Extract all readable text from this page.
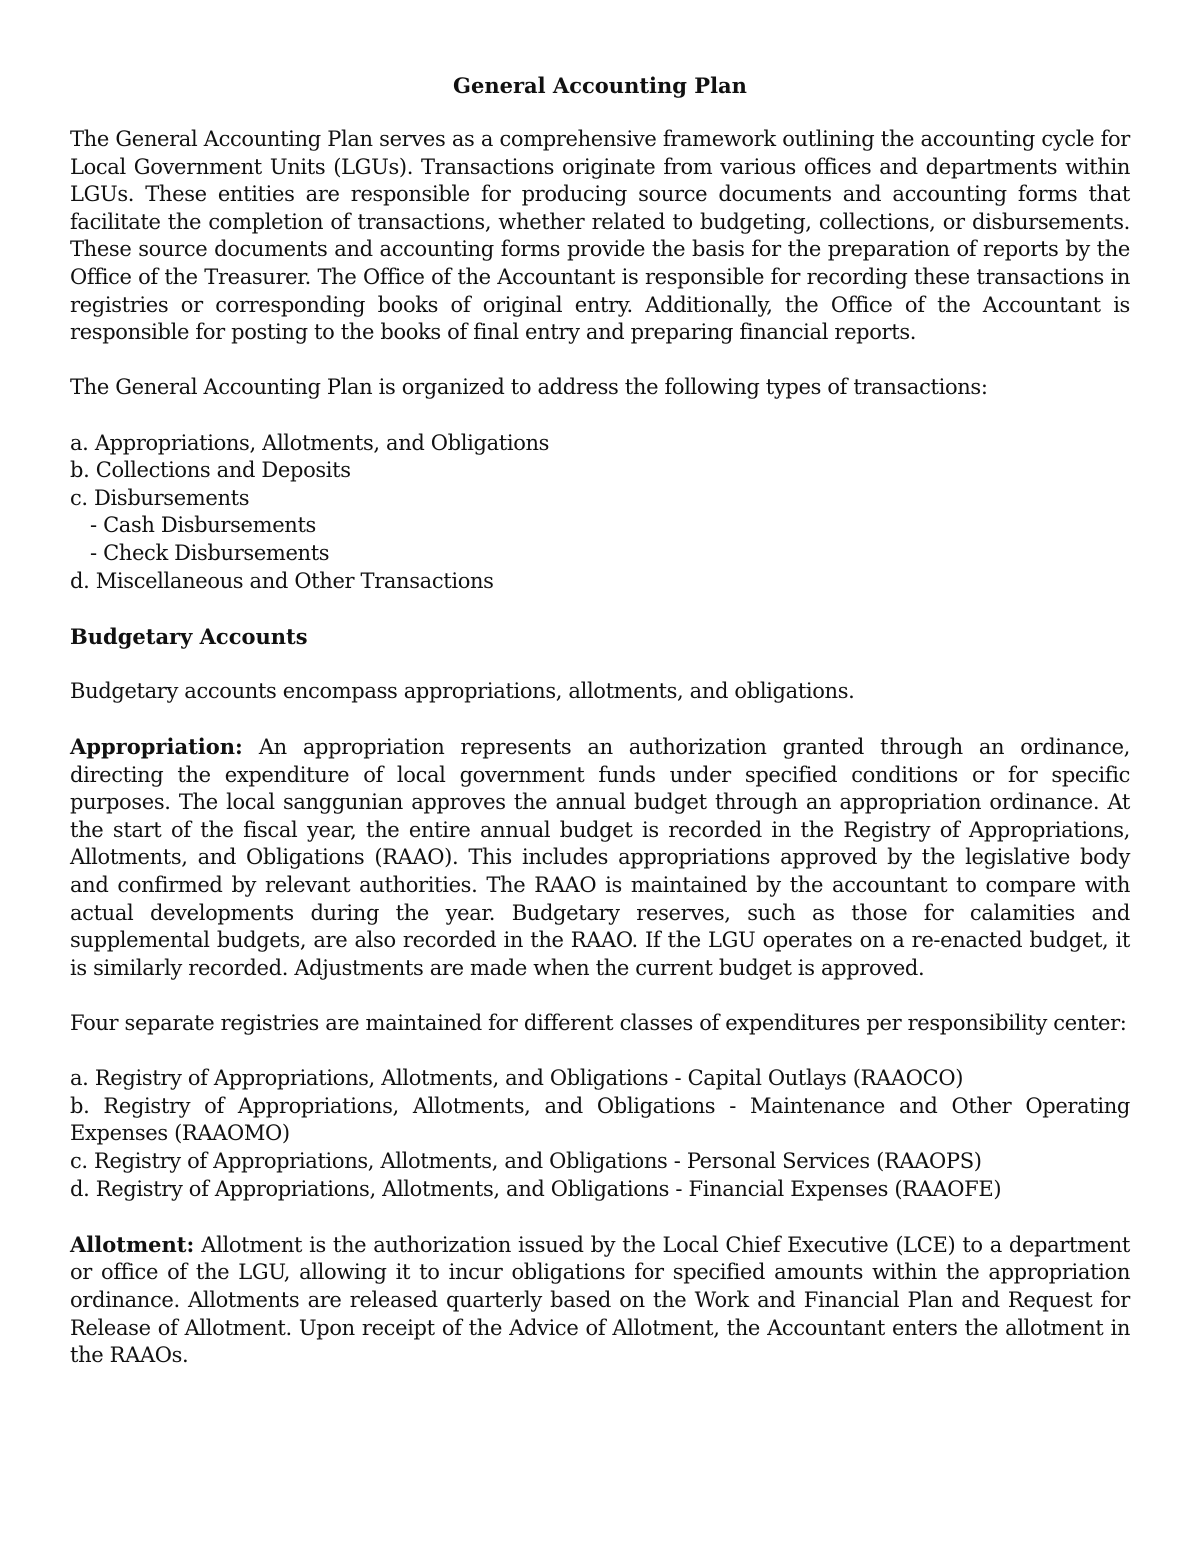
General Accounting Plan

The General Accounting Plan serves as a comprehensive framework outlining the accounting cycle for Local Government Units (LGUs). Transactions originate from various offices and departments within LGUs. These entities are responsible for producing source documents and accounting forms that facilitate the completion of transactions, whether related to budgeting, collections, or disbursements. These source documents and accounting forms provide the basis for the preparation of reports by the Office of the Treasurer. The Office of the Accountant is responsible for recording these transactions in registries or corresponding books of original entry. Additionally, the Office of the Accountant is responsible for posting to the books of final entry and preparing financial reports.

The General Accounting Plan is organized to address the following types of transactions:

a. Appropriations, Allotments, and Obligations
b. Collections and Deposits
c. Disbursements
- Cash Disbursements
- Check Disbursements
d. Miscellaneous and Other Transactions
Budgetary Accounts

Budgetary accounts encompass appropriations, allotments, and obligations.

Appropriation: An appropriation represents an authorization granted through an ordinance, directing the expenditure of local government funds under specified conditions or for specific purposes. The local sanggunian approves the annual budget through an appropriation ordinance. At the start of the fiscal year, the entire annual budget is recorded in the Registry of Appropriations, Allotments, and Obligations (RAAO). This includes appropriations approved by the legislative body and confirmed by relevant authorities. The RAAO is maintained by the accountant to compare with actual developments during the year. Budgetary reserves, such as those for calamities and supplemental budgets, are also recorded in the RAAO. If the LGU operates on a re-enacted budget, it is similarly recorded. Adjustments are made when the current budget is approved.

Four separate registries are maintained for different classes of expenditures per responsibility center:

a. Registry of Appropriations, Allotments, and Obligations - Capital Outlays (RAAOCO)
b. Registry of Appropriations, Allotments, and Obligations - Maintenance and Other Operating Expenses (RAAOMO)
c. Registry of Appropriations, Allotments, and Obligations - Personal Services (RAAOPS)
d. Registry of Appropriations, Allotments, and Obligations - Financial Expenses (RAAOFE)

Allotment: Allotment is the authorization issued by the Local Chief Executive (LCE) to a department or office of the LGU, allowing it to incur obligations for specified amounts within the appropriation ordinance. Allotments are released quarterly based on the Work and Financial Plan and Request for Release of Allotment. Upon receipt of the Advice of Allotment, the Accountant enters the allotment in the RAAOs.
